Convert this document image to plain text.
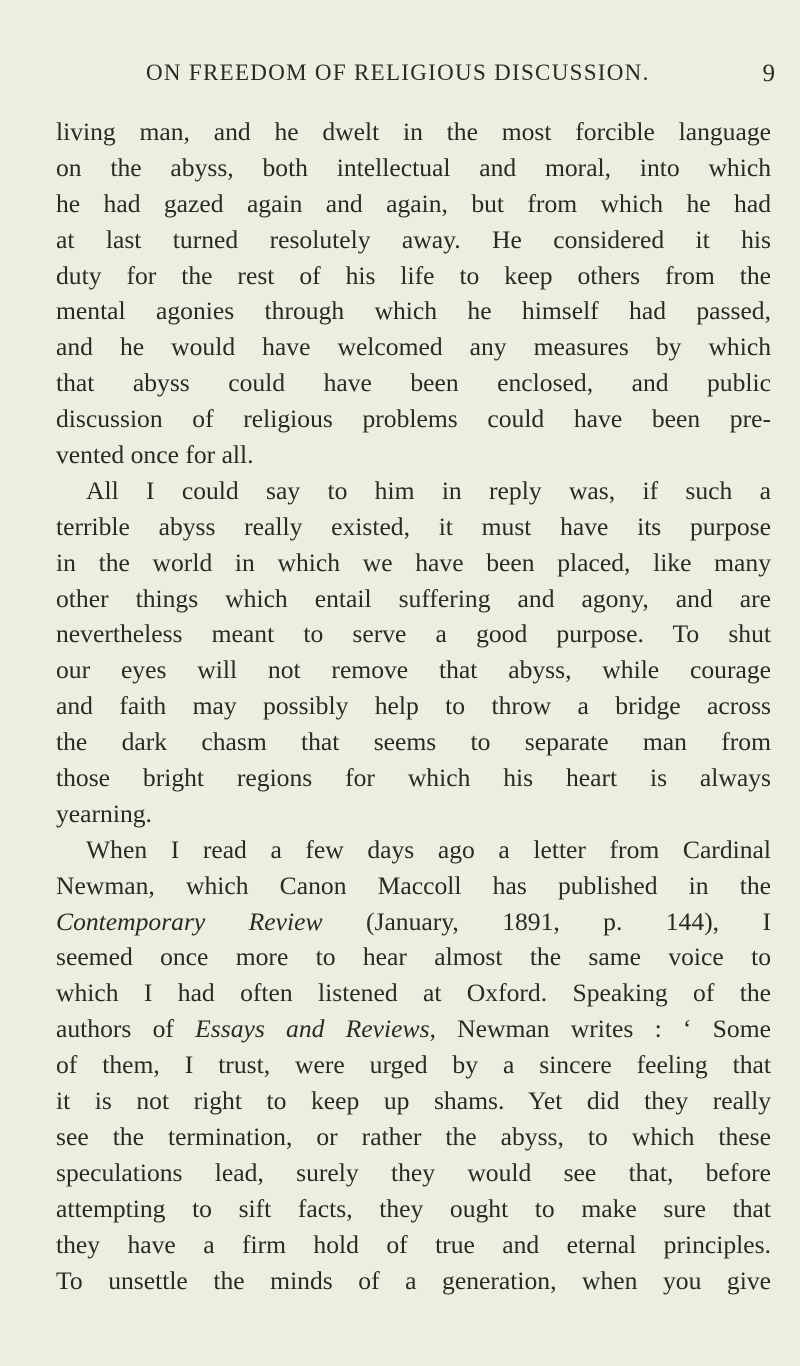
ON FREEDOM OF RELIGIOUS DISCUSSION.	9
living man, and he dwelt in the most forcible language
on the abyss, both intellectual and moral, into which
he had gazed again and again, but from which he had
at last turned resolutely away. He considered it his
duty for the rest of his life to keep others from the
mental agonies through which he himself had passed,
and he would have welcomed any measures by which
that abyss could have been enclosed, and public
discussion of religious problems could have been pre-
vented once for all.
All I could say to him in reply was, if such a
terrible abyss really existed, it must have its purpose
in the world in which we have been placed, like many
other things which entail suffering and agony, and are
nevertheless meant to serve a good purpose. To shut
our eyes will not remove that abyss, while courage
and faith may possibly help to throw a bridge across
the dark chasm that seems to separate man from
those bright regions for which his heart is always
yearning.
When I read a few days ago a letter from Cardinal
Newman, which Canon Maccoll has published in the
Contemporary Review (January, 1891, p. 144), I
seemed once more to hear almost the same voice to
which I had often listened at Oxford. Speaking of the
authors of Essays and Reviews, Newman writes : ‘ Some
of them, I trust, were urged by a sincere feeling that
it is not right to keep up shams. Yet did they really
see the termination, or rather the abyss, to which these
speculations lead, surely they would see that, before
attempting to sift facts, they ought to make sure that
they have a firm hold of true and eternal principles.
To unsettle the minds of a generation, when you give
